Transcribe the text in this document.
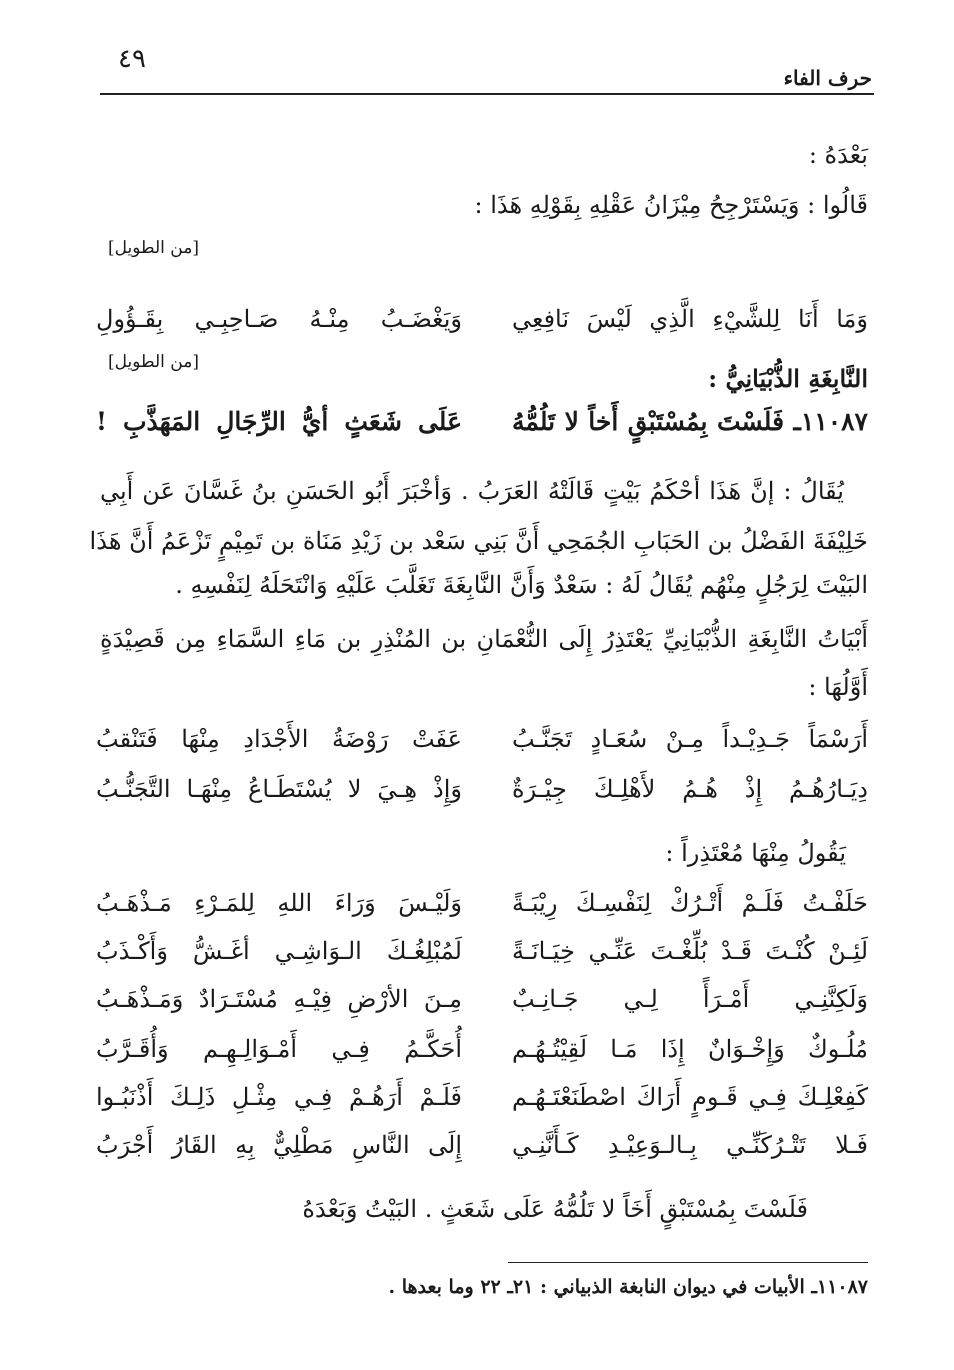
٤٩
حرف الفاء
بَعْدَهُ :
قَالُوا : وَيَسْتَرْجِحُ مِيْزَانُ عَقْلِهِ بِقَوْلِهِ هَذَا :
[من الطويل]
وَمَا أَنَا لِلشَّيْءِ الَّذِي لَيْسَ نَافِعِي
وَيَغْضَـبُ مِنْـهُ صَـاحِبِـي بِقَـؤُولِ
[من الطويل]
النَّابِغَةِ الذُّبْيَانِيُّ :
١١٠٨٧ـ فَلَسْتَ بِمُسْتَبْقٍ أَخاً لا تَلُمُّهُ
عَلَى شَعَثٍ أيُّ الرِّجَالِ المَهَذَّبِ !
يُقَالُ : إنَّ هَذَا أحْكَمُ بَيْتٍ قَالَتْهُ العَرَبُ . وَأخْبَرَ أَبُو الحَسَنِ بنُ غَسَّانَ عَن أَبِي
خَلِيْفَةَ الفَضْلُ بن الحَبَابِ الجُمَحِي أَنَّ بَنِي سَعْد بن زَيْدِ مَنَاة بن تَمِيْمٍ تَزْعَمُ أَنَّ هَذَا
البَيْتَ لِرَجُلٍ مِنْهُم يُقَالُ لَهُ : سَعْدٌ وَأَنَّ النَّابِغَةَ تَغَلَّبَ عَلَيْهِ وَانْتَحَلَهُ لِنَفْسِهِ .
أَبْيَاتُ النَّابِغَةِ الذُّبْيَانِيِّ يَعْتَذِرُ إِلَى النُّعْمَانِ بن المُنْذِرِ بن مَاءِ السَّمَاءِ مِن قَصِيْدَةٍ
أَوَّلُهَا :
أَرَسْمَاً جَـدِيْـداً مِـنْ سُعَـادٍ تَجَنَّـبُ
عَفَتْ رَوْضَةُ الأَجْدَادِ مِنْهَا فَتَنْقبُ
دِيَـارُهُـمُ إِذْ هُـمُ لأَهْلِـكَ جِيْـرَةٌ
وَإِذْ هِـيَ لا يُسْتَطَـاعُ مِنْهَـا التَّجَنُّـبُ
يَقُولُ مِنْهَا مُعْتَذِراً :
حَلَفْـتُ فَلَـمْ أَتْـرُكْ لِنَفْسِـكَ رِيْبَـةً
وَلَيْـسَ وَرَاءَ اللهِ لِلمَـرْءِ مَـذْهَـبُ
لَئِـنْ كُنْـتَ قَـدْ بُلِّغْـتَ عَنِّـي خِيَـانَـةً
لَمُبْلِغُـكَ الـوَاشِـي أغَـشُّ وَأَكْـذَبُ
وَلَكِنَّنِـي أَمْـرَأً لِـي جَـانِـبٌ
مِـنَ الأرْضِ فِيْـهِ مُسْتَـرَادٌ وَمَـذْهَـبُ
مُلُـوكٌ وَإِخْـوَانٌ إِذَا مَـا لَقِيْتُـهُـم
أُحَكَّـمُ فِـي أَمْـوَالِـهِـم وَأُقَـرَّبُ
كَفِعْلِـكَ فِـي قَـومٍ أَرَاكَ اصْطَنَعْتَـهُـم
فَلَـمْ أَرَهُـمْ فِـي مِثْـلِ ذَلِـكَ أَذْنَبُـوا
فَـلا تَتْـرُكَنِّـي بِـالـوَعِيْـدِ كَـأَنَّنِـي
إِلَى النَّاسِ مَطْلِيٌّ بِهِ القَارُ أَجْرَبُ
فَلَسْتَ بِمُسْتَبْقٍ أَخَاً لا تَلُمُّهُ عَلَى شَعَثٍ . البَيْتُ وَبَعْدَهُ
١١٠٨٧ـ الأبيات في ديوان النابغة الذبياني : ٢١ـ ٢٢ وما بعدها .
